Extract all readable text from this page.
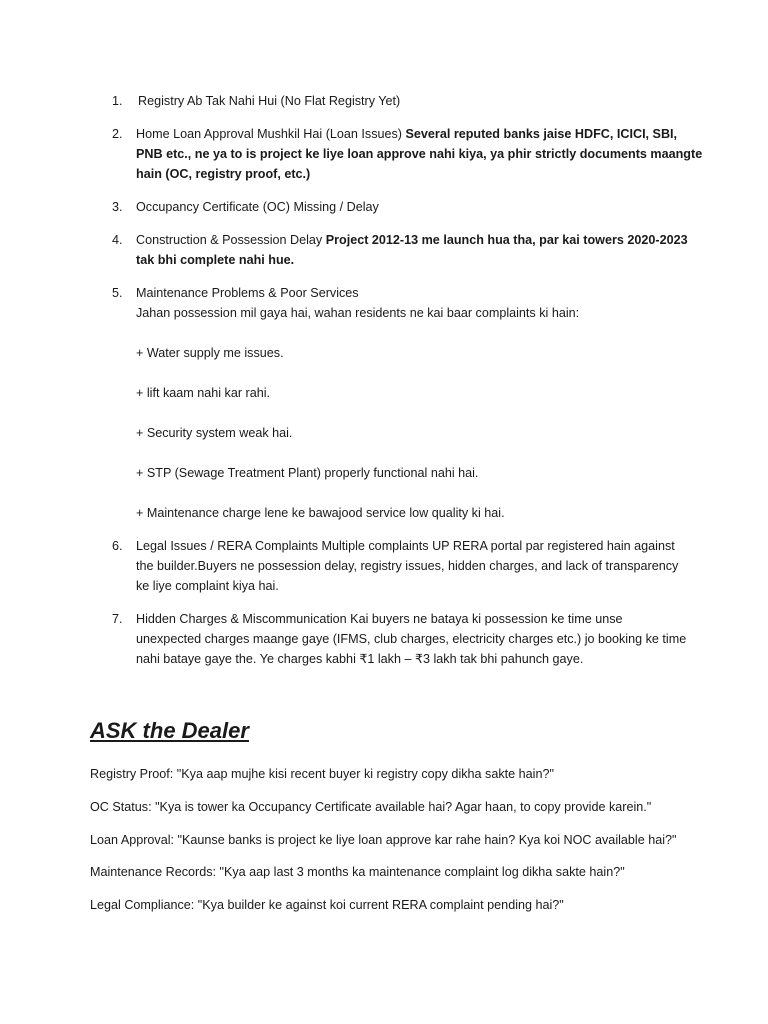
1.	Registry Ab Tak Nahi Hui (No Flat Registry Yet)
2.	Home Loan Approval Mushkil Hai (Loan Issues) Several reputed banks jaise HDFC, ICICI, SBI,
PNB etc., ne ya to is project ke liye loan approve nahi kiya, ya phir strictly documents maangte
hain (OC, registry proof, etc.)
3.	Occupancy Certificate (OC) Missing / Delay
4.	Construction & Possession Delay Project 2012-13 me launch hua tha, par kai towers 2020-2023
tak bhi complete nahi hue.
5.	Maintenance Problems & Poor Services
Jahan possession mil gaya hai, wahan residents ne kai baar complaints ki hain:
+ Water supply me issues.
+ lift kaam nahi kar rahi.
+ Security system weak hai.
+ STP (Sewage Treatment Plant) properly functional nahi hai.
+ Maintenance charge lene ke bawajood service low quality ki hai.
6.	Legal Issues / RERA Complaints Multiple complaints UP RERA portal par registered hain against
the builder.Buyers ne possession delay, registry issues, hidden charges, and lack of transparency
ke liye complaint kiya hai.
7.	Hidden Charges & Miscommunication Kai buyers ne bataya ki possession ke time unse
unexpected charges maange gaye (IFMS, club charges, electricity charges etc.) jo booking ke time
nahi bataye gaye the. Ye charges kabhi ₹1 lakh – ₹3 lakh tak bhi pahunch gaye.
ASK the Dealer
Registry Proof: "Kya aap mujhe kisi recent buyer ki registry copy dikha sakte hain?"
OC Status: "Kya is tower ka Occupancy Certificate available hai? Agar haan, to copy provide karein."
Loan Approval: "Kaunse banks is project ke liye loan approve kar rahe hain? Kya koi NOC available hai?"
Maintenance Records: "Kya aap last 3 months ka maintenance complaint log dikha sakte hain?"
Legal Compliance: "Kya builder ke against koi current RERA complaint pending hai?"
